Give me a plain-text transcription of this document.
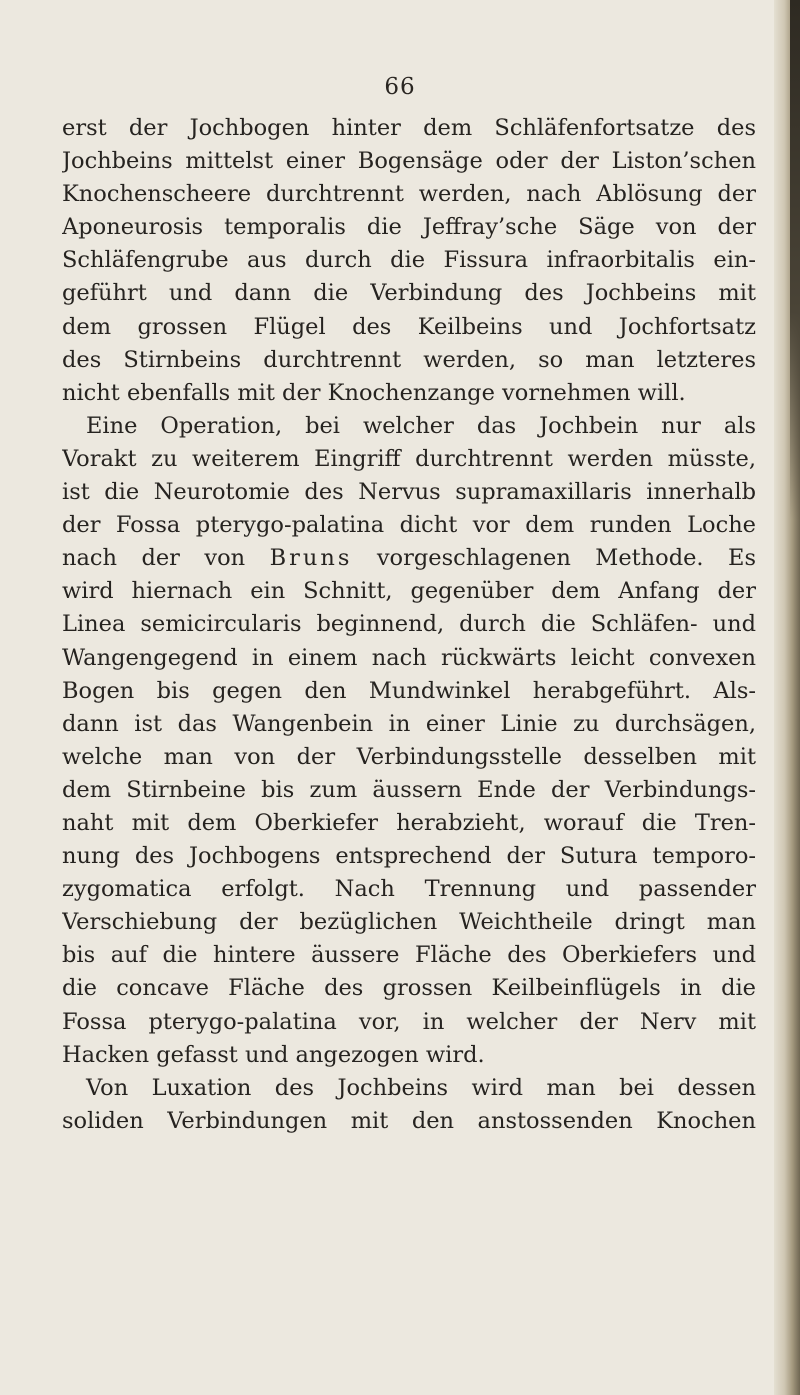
66
erst der Jochbogen hinter dem Schläfenfortsatze des
Jochbeins mittelst einer Bogensäge oder der Liston’schen
Knochenscheere durchtrennt werden, nach Ablösung der
Aponeurosis temporalis die Jeffray’sche Säge von der
Schläfengrube aus durch die Fissura infraorbitalis ein-
geführt und dann die Verbindung des Jochbeins mit
dem grossen Flügel des Keilbeins und Jochfortsatz
des Stirnbeins durchtrennt werden, so man letzteres
nicht ebenfalls mit der Knochenzange vornehmen will.
Eine Operation, bei welcher das Jochbein nur als
Vorakt zu weiterem Eingriff durchtrennt werden müsste,
ist die Neurotomie des Nervus supramaxillaris innerhalb
der Fossa pterygo-palatina dicht vor dem runden Loche
nach der von Bruns vorgeschlagenen Methode. Es
wird hiernach ein Schnitt, gegenüber dem Anfang der
Linea semicircularis beginnend, durch die Schläfen- und
Wangengegend in einem nach rückwärts leicht convexen
Bogen bis gegen den Mundwinkel herabgeführt. Als-
dann ist das Wangenbein in einer Linie zu durchsägen,
welche man von der Verbindungsstelle desselben mit
dem Stirnbeine bis zum äussern Ende der Verbindungs-
naht mit dem Oberkiefer herabzieht, worauf die Tren-
nung des Jochbogens entsprechend der Sutura temporo-
zygomatica erfolgt. Nach Trennung und passender
Verschiebung der bezüglichen Weichtheile dringt man
bis auf die hintere äussere Fläche des Oberkiefers und
die concave Fläche des grossen Keilbeinflügels in die
Fossa pterygo-palatina vor, in welcher der Nerv mit
Hacken gefasst und angezogen wird.
Von Luxation des Jochbeins wird man bei dessen
soliden Verbindungen mit den anstossenden Knochen
